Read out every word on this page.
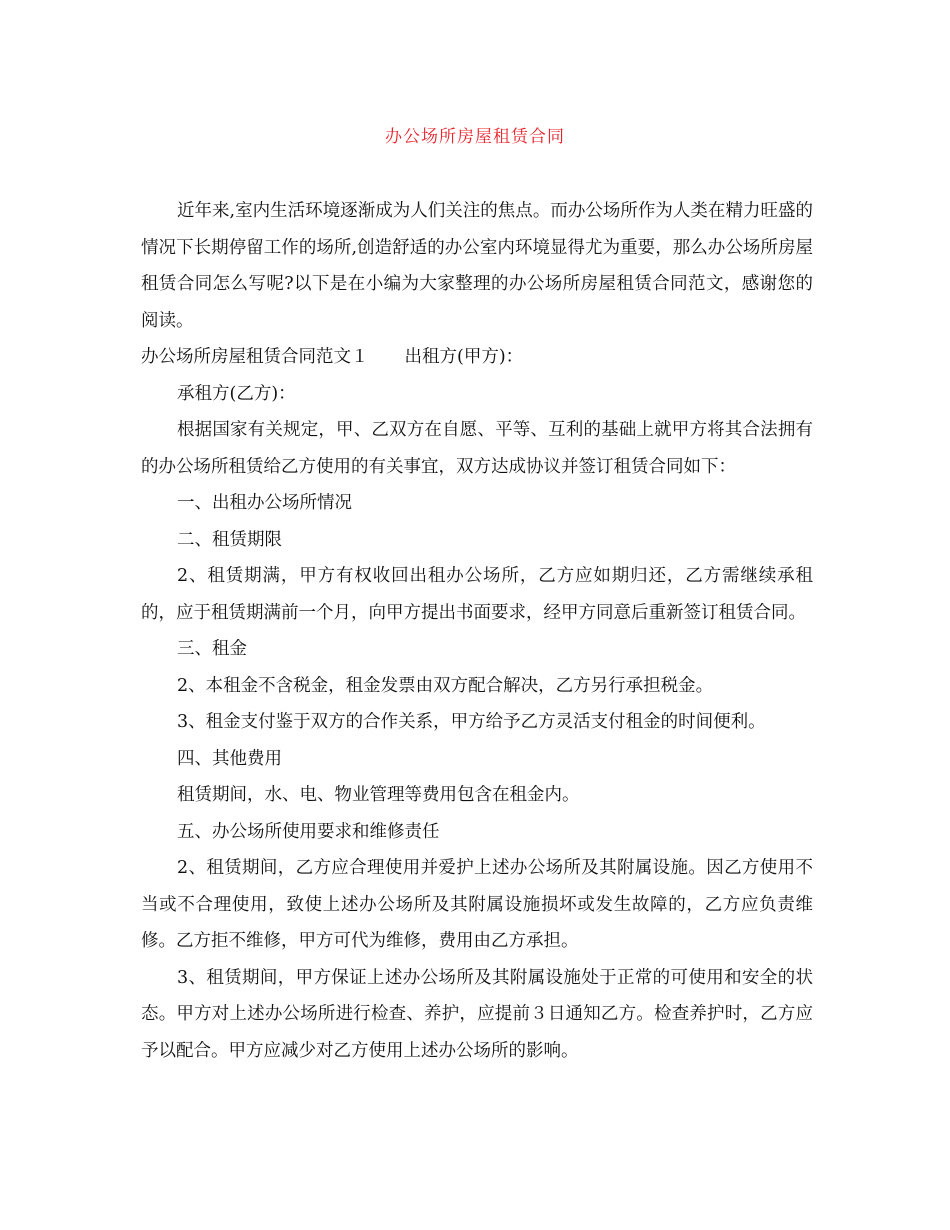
办公场所房屋租赁合同

近年来,室内生活环境逐渐成为人们关注的焦点。而办公场所作为人类在精力旺盛的情况下长期停留工作的场所,创造舒适的办公室内环境显得尤为重要，那么办公场所房屋租赁合同怎么写呢?以下是在小编为大家整理的办公场所房屋租赁合同范文，感谢您的阅读。

办公场所房屋租赁合同范文１ 出租方(甲方)：

承租方(乙方)：

根据国家有关规定，甲、乙双方在自愿、平等、互利的基础上就甲方将其合法拥有的办公场所租赁给乙方使用的有关事宜，双方达成协议并签订租赁合同如下：

一、出租办公场所情况

二、租赁期限

2、租赁期满，甲方有权收回出租办公场所，乙方应如期归还，乙方需继续承租的，应于租赁期满前一个月，向甲方提出书面要求，经甲方同意后重新签订租赁合同。

三、租金

2、本租金不含税金，租金发票由双方配合解决，乙方另行承担税金。

3、租金支付鉴于双方的合作关系，甲方给予乙方灵活支付租金的时间便利。

四、其他费用

租赁期间，水、电、物业管理等费用包含在租金内。

五、办公场所使用要求和维修责任

2、租赁期间，乙方应合理使用并爱护上述办公场所及其附属设施。因乙方使用不当或不合理使用，致使上述办公场所及其附属设施损坏或发生故障的，乙方应负责维修。乙方拒不维修，甲方可代为维修，费用由乙方承担。

3、租赁期间，甲方保证上述办公场所及其附属设施处于正常的可使用和安全的状态。甲方对上述办公场所进行检查、养护，应提前３日通知乙方。检查养护时，乙方应予以配合。甲方应减少对乙方使用上述办公场所的影响。
